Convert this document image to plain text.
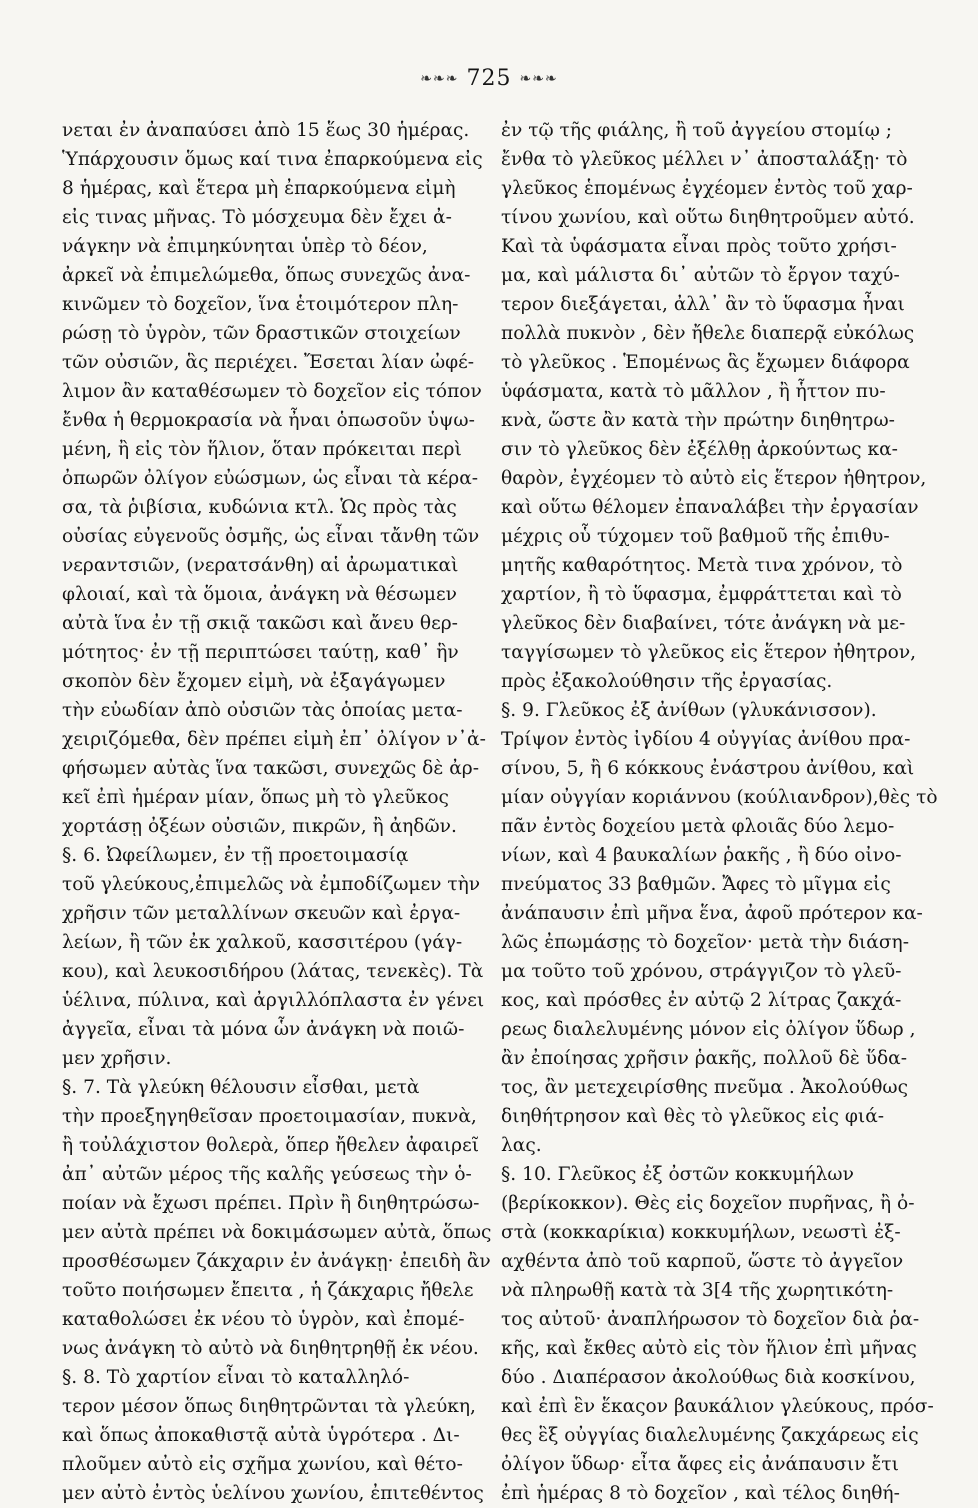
❧❧❧ 725 ❧❧❧
νεται ἐν ἀναπαύσει ἀπὸ 15 ἕως 30 ἡμέρας.
Ὑπάρχουσιν ὅμως καί τινα ἐπαρκούμενα εἰς
8 ἡμέρας, καὶ ἕτερα μὴ ἐπαρκούμενα εἰμὴ
εἰς τινας μῆνας. Τὸ μόσχευμα δὲν ἔχει ἀ-
νάγκην νὰ ἐπιμηκύνηται ὑπὲρ τὸ δέον,
ἀρκεῖ νὰ ἐπιμελώμεθα, ὅπως συνεχῶς ἀνα-
κινῶμεν τὸ δοχεῖον, ἵνα ἑτοιμότερον πλη-
ρώσῃ τὸ ὑγρὸν, τῶν δραστικῶν στοιχείων
τῶν οὐσιῶν, ἃς περιέχει. Ἔσεται λίαν ὠφέ-
λιμον ἂν καταθέσωμεν τὸ δοχεῖον εἰς τόπον
ἔνθα ἡ θερμοκρασία νὰ ἦναι ὁπωσοῦν ὑψω-
μένη, ἢ εἰς τὸν ἥλιον, ὅταν πρόκειται περὶ
ὀπωρῶν ὀλίγον εὐώσμων, ὡς εἶναι τὰ κέρα-
σα, τὰ ῥιβίσια, κυδώνια κτλ. Ὡς πρὸς τὰς
οὐσίας εὐγενοῦς ὀσμῆς, ὡς εἶναι τἄνθη τῶν
νεραντσιῶν, (νερατσάνθη) αἱ ἀρωματικαὶ
φλοιαί, καὶ τὰ ὅμοια, ἀνάγκη νὰ θέσωμεν
αὐτὰ ἵνα ἐν τῇ σκιᾷ τακῶσι καὶ ἄνευ θερ-
μότητος· ἐν τῇ περιπτώσει ταύτῃ, καθ᾽ ἣν
σκοπὸν δὲν ἔχομεν εἰμὴ, νὰ ἐξαγάγωμεν
τὴν εὐωδίαν ἀπὸ οὐσιῶν τὰς ὁποίας μετα-
χειριζόμεθα, δὲν πρέπει εἰμὴ ἐπ᾽ ὀλίγον ν᾽ἀ-
φήσωμεν αὐτὰς ἵνα τακῶσι, συνεχῶς δὲ ἀρ-
κεῖ ἐπὶ ἡμέραν μίαν, ὅπως μὴ τὸ γλεῦκος
χορτάσῃ ὀξέων οὐσιῶν, πικρῶν, ἢ ἀηδῶν.
§. 6. Ὠφείλωμεν, ἐν τῇ προετοιμασίᾳ
τοῦ γλεύκους,ἐπιμελῶς νὰ ἐμποδίζωμεν τὴν
χρῆσιν τῶν μεταλλίνων σκευῶν καὶ ἐργα-
λείων, ἢ τῶν ἐκ χαλκοῦ, κασσιτέρου (γάγ-
κου), καὶ λευκοσιδήρου (λάτας, τενεκὲς). Τὰ
ὑέλινα, πύλινα, καὶ ἀργιλλόπλαστα ἐν γένει
ἀγγεῖα, εἶναι τὰ μόνα ὧν ἀνάγκη νὰ ποιῶ-
μεν χρῆσιν.
§. 7. Τὰ γλεύκη θέλουσιν εἶσθαι, μετὰ
τὴν προεξηγηθεῖσαν προετοιμασίαν, πυκνὰ,
ἢ τοὐλάχιστον θολερὰ, ὅπερ ἤθελεν ἀφαιρεῖ
ἀπ᾽ αὐτῶν μέρος τῆς καλῆς γεύσεως τὴν ὁ-
ποίαν νὰ ἔχωσι πρέπει. Πρὶν ἢ διηθητρώσω-
μεν αὐτὰ πρέπει νὰ δοκιμάσωμεν αὐτὰ, ὅπως
προσθέσωμεν ζάκχαριν ἐν ἀνάγκῃ· ἐπειδὴ ἂν
τοῦτο ποιήσωμεν ἔπειτα , ἡ ζάκχαρις ἤθελε
καταθολώσει ἐκ νέου τὸ ὑγρὸν, καὶ ἐπομέ-
νως ἀνάγκη τὸ αὐτὸ νὰ διηθητρηθῇ ἐκ νέου.
§. 8. Τὸ χαρτίον εἶναι τὸ καταλληλό-
τερον μέσον ὅπως διηθητρῶνται τὰ γλεύκη,
καὶ ὅπως ἀποκαθιστᾷ αὐτὰ ὑγρότερα . Δι-
πλοῦμεν αὐτὸ εἰς σχῆμα χωνίου, καὶ θέτο-
μεν αὐτὸ ἐντὸς ὑελίνου χωνίου, ἐπιτεθέντος
ἐν τῷ τῆς φιάλης, ἢ τοῦ ἀγγείου στομίῳ ;
ἔνθα τὸ γλεῦκος μέλλει ν᾽ ἀποσταλάξῃ· τὸ
γλεῦκος ἑπομένως ἐγχέομεν ἐντὸς τοῦ χαρ-
τίνου χωνίου, καὶ οὕτω διηθητροῦμεν αὐτό.
Καὶ τὰ ὑφάσματα εἶναι πρὸς τοῦτο χρήσι-
μα, καὶ μάλιστα δι᾽ αὐτῶν τὸ ἔργον ταχύ-
τερον διεξάγεται, ἀλλ᾽ ἂν τὸ ὕφασμα ἦναι
πολλὰ πυκνὸν , δὲν ἤθελε διαπερᾷ εὐκόλως
τὸ γλεῦκος . Ἑπομένως ἃς ἔχωμεν διάφορα
ὑφάσματα, κατὰ τὸ μᾶλλον , ἢ ἧττον πυ-
κνὰ, ὥστε ἂν κατὰ τὴν πρώτην διηθητρω-
σιν τὸ γλεῦκος δὲν ἐξέλθῃ ἀρκούντως κα-
θαρὸν, ἐγχέομεν τὸ αὐτὸ εἰς ἕτερον ἠθητρον,
καὶ οὕτω θέλομεν ἐπαναλάβει τὴν ἐργασίαν
μέχρις οὗ τύχομεν τοῦ βαθμοῦ τῆς ἐπιθυ-
μητῆς καθαρότητος. Μετὰ τινα χρόνον, τὸ
χαρτίον, ἢ τὸ ὕφασμα, ἐμφράττεται καὶ τὸ
γλεῦκος δὲν διαβαίνει, τότε ἀνάγκη νὰ με-
ταγγίσωμεν τὸ γλεῦκος εἰς ἕτερον ἠθητρον,
πρὸς ἐξακολούθησιν τῆς ἐργασίας.
§. 9. Γλεῦκος ἐξ ἀνίθων (γλυκάνισσον).
Τρίψον ἐντὸς ἰγδίου 4 οὐγγίας ἀνίθου πρα-
σίνου, 5, ἢ 6 κόκκους ἐνάστρου ἀνίθου, καὶ
μίαν οὐγγίαν κοριάννου (κούλιανδρον),θὲς τὸ
πᾶν ἐντὸς δοχείου μετὰ φλοιᾶς δύο λεμο-
νίων, καὶ 4 βαυκαλίων ῥακῆς , ἢ δύο οἰνο-
πνεύματος 33 βαθμῶν. Ἄφες τὸ μῖγμα εἰς
ἀνάπαυσιν ἐπὶ μῆνα ἕνα, ἀφοῦ πρότερον κα-
λῶς ἐπωμάσῃς τὸ δοχεῖον· μετὰ τὴν διάση-
μα τοῦτο τοῦ χρόνου, στράγγιζον τὸ γλεῦ-
κος, καὶ πρόσθες ἐν αὐτῷ 2 λίτρας ζακχά-
ρεως διαλελυμένης μόνον εἰς ὀλίγον ὕδωρ ,
ἂν ἐποίησας χρῆσιν ῥακῆς, πολλοῦ δὲ ὕδα-
τος, ἂν μετεχειρίσθης πνεῦμα . Ἀκολούθως
διηθήτρησον καὶ θὲς τὸ γλεῦκος εἰς φιά-
λας.
§. 10. Γλεῦκος ἐξ ὀστῶν κοκκυμήλων
(βερίκοκκον). Θὲς εἰς δοχεῖον πυρῆνας, ἢ ὀ-
στὰ (κοκκαρίκια) κοκκυμήλων, νεωστὶ ἐξ-
αχθέντα ἀπὸ τοῦ καρποῦ, ὥστε τὸ ἀγγεῖον
νὰ πληρωθῇ κατὰ τὰ 3[4 τῆς χωρητικότη-
τος αὐτοῦ· ἀναπλήρωσον τὸ δοχεῖον διὰ ῥα-
κῆς, καὶ ἔκθες αὐτὸ εἰς τὸν ἥλιον ἐπὶ μῆνας
δύο . Διαπέρασον ἀκολούθως διὰ κοσκίνου,
καὶ ἐπὶ ἓν ἕκαςον βαυκάλιον γλεύκους, πρόσ-
θες ἓξ οὐγγίας διαλελυμένης ζακχάρεως εἰς
ὀλίγον ὕδωρ· εἶτα ἄφες εἰς ἀνάπαυσιν ἔτι
ἐπὶ ἡμέρας 8 τὸ δοχεῖον , καὶ τέλος διηθή-
